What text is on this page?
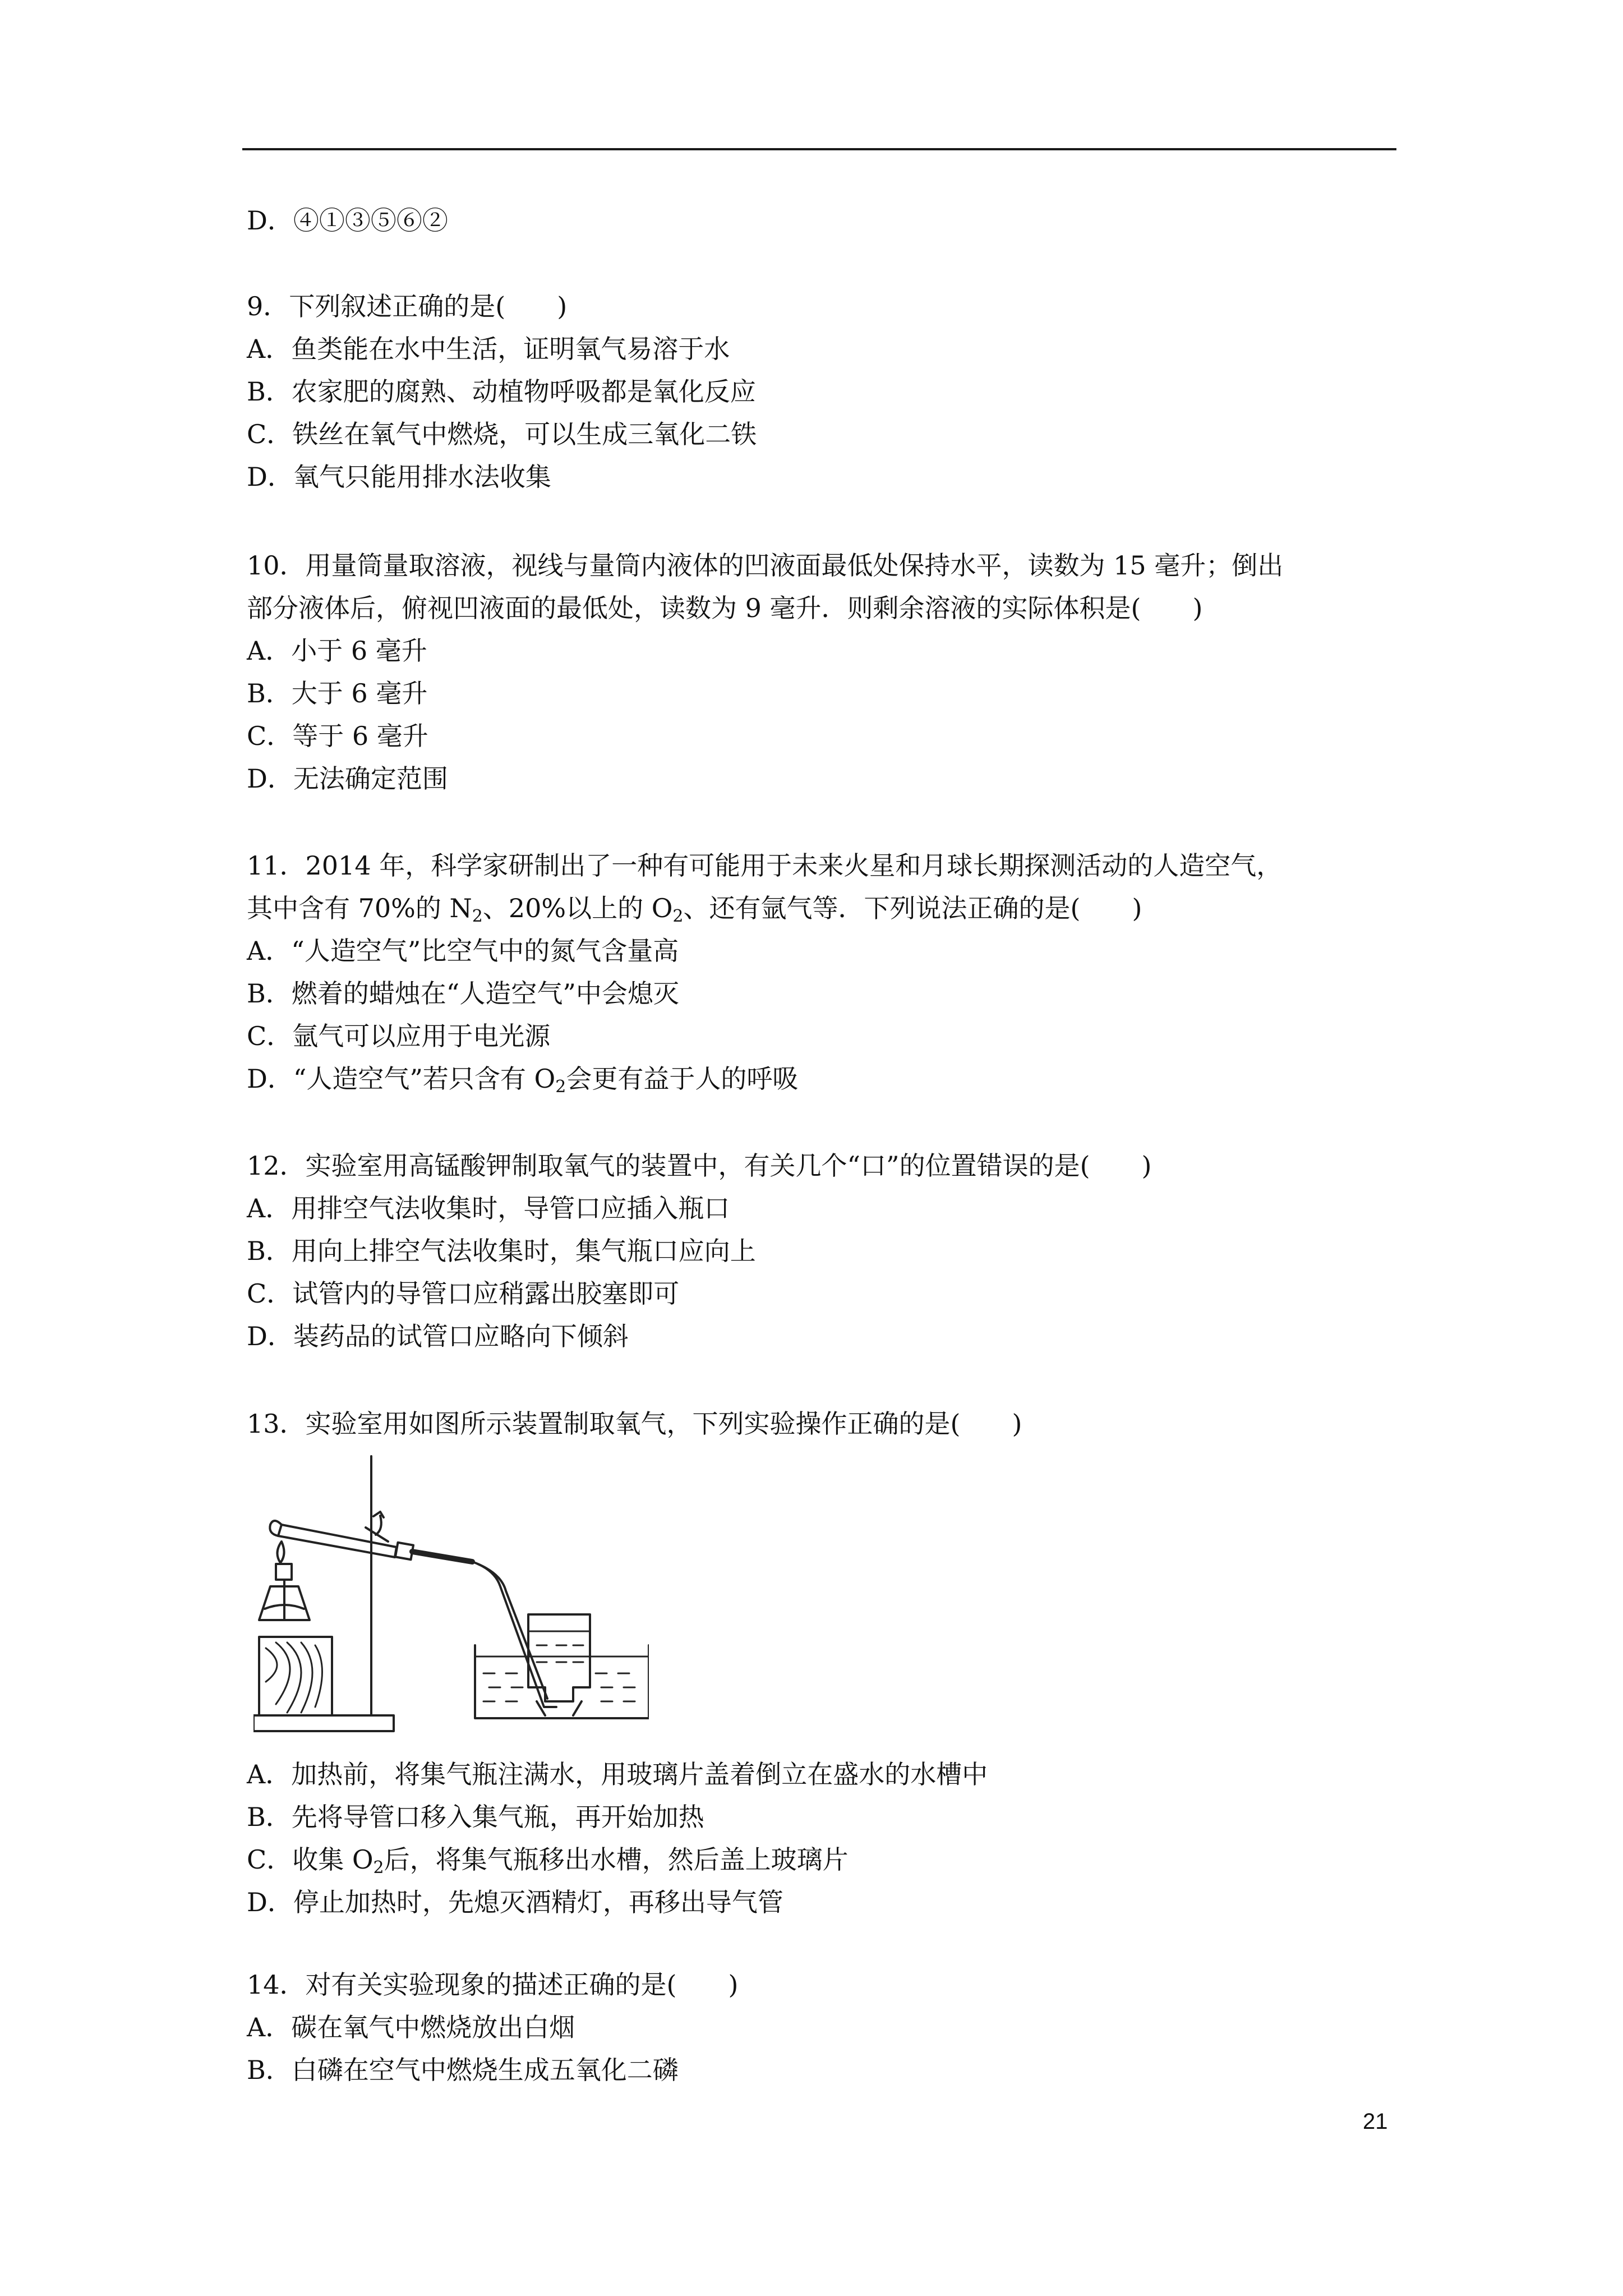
D．④①③⑤⑥②
9．下列叙述正确的是(　　)
A．鱼类能在水中生活，证明氧气易溶于水
B．农家肥的腐熟、动植物呼吸都是氧化反应
C．铁丝在氧气中燃烧，可以生成三氧化二铁
D．氧气只能用排水法收集
10．用量筒量取溶液，视线与量筒内液体的凹液面最低处保持水平，读数为 15 毫升；倒出
部分液体后，俯视凹液面的最低处，读数为 9 毫升．则剩余溶液的实际体积是(　　)
A．小于 6 毫升
B．大于 6 毫升
C．等于 6 毫升
D．无法确定范围
11．2014 年，科学家研制出了一种有可能用于未来火星和月球长期探测活动的人造空气，
其中含有 70%的 $N_2$、20%以上的 $O_2$、还有氩气等．下列说法正确的是(　　)
A．“人造空气”比空气中的氮气含量高
B．燃着的蜡烛在“人造空气”中会熄灭
C．氩气可以应用于电光源
D．“人造空气”若只含有 $O_2$会更有益于人的呼吸
12．实验室用高锰酸钾制取氧气的装置中，有关几个“口”的位置错误的是(　　)
A．用排空气法收集时，导管口应插入瓶口
B．用向上排空气法收集时，集气瓶口应向上
C．试管内的导管口应稍露出胶塞即可
D．装药品的试管口应略向下倾斜
13．实验室用如图所示装置制取氧气，下列实验操作正确的是(　　)
A．加热前，将集气瓶注满水，用玻璃片盖着倒立在盛水的水槽中
B．先将导管口移入集气瓶，再开始加热
C．收集 $O_2$后，将集气瓶移出水槽，然后盖上玻璃片
D．停止加热时，先熄灭酒精灯，再移出导气管
14．对有关实验现象的描述正确的是(　　)
A．碳在氧气中燃烧放出白烟
B．白磷在空气中燃烧生成五氧化二磷
21
